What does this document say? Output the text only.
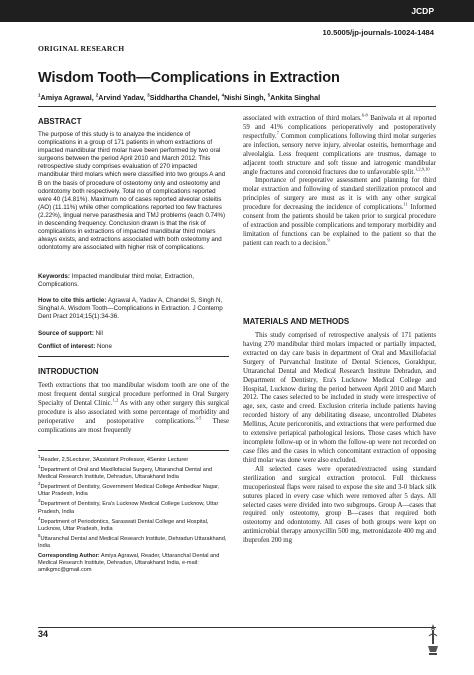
JCDP
10.5005/jp-journals-10024-1484
ORIGINAL RESEARCH
Wisdom Tooth—Complications in Extraction
$^1$Amiya Agrawal, $^2$Arvind Yadav, $^3$Siddhartha Chandel, $^4$Nishi Singh, $^5$Ankita Singhal
ABSTRACT
The purpose of this study is to analyze the incidence of complications in a group of 171 patients in whom extractions of impacted mandibular third molar have been performed by two oral surgeons between the period April 2010 and March 2012. This retrospective study comprises evaluation of 270 impacted mandibular third molars which were classified into two groups A and B on the basis of procedure of osteotomy only and osteotomy and odontotomy both respectively. Total no of complications reported were 40 (14.81%). Maximum no of cases reported alveolar osteitis (AO) (11.11%) while other complications reported too few fractures (2.22%), lingual nerve parasthesia and TMJ problems (each 0.74%) in descending frequency. Conclusion drawn is that the risk of complications in extractions of impacted mandibular third molars always exists, and extractions associated with both osteotomy and odontotomy are associated with higher risk of complications.
Keywords: Impacted mandibular third molar, Extraction, Complications.
How to cite this article: Agrawal A, Yadav A, Chandel S, Singh N, Singhal A. Wisdom Tooth—Complications in Extraction. J Contemp Dent Pract 2014;15(1):34-36.
Source of support: Nil
Conflict of interest: None
INTRODUCTION
Teeth extractions that too mandibular wisdom tooth are one of the most frequent dental surgical procedure performed in Oral Surgery Specialty of Dental Clinic.$^{1,2}$ As with any other surgery this surgical procedure is also associated with some percentage of morbidity and perioperative and postoperative complications.$^{3-5}$ These complications are most frequently
$^1$Reader, 2,5Lecturer, 3Assistant Professor, 4Senior Lecturer
$^1$Department of Oral and Maxillofacial Surgery, Uttaranchal Dental and Medical Research Institute, Dehradun, Uttarakhand India
$^2$Department of Dentistry, Government Medical College Ambedkar Nagar, Uttar Pradesh, India
$^3$Department of Dentistry, Era's Lucknow Medical College Lucknow, Uttar Pradesh, India
$^4$Department of Periodontics, Saraswati Dental College and Hospital, Lucknow, Uttar Pradesh, India
$^5$Uttaranchal Dental and Medical Research Institute, Dehradun Uttarakhand, India
Corresponding Author: Amiya Agrawal, Reader, Uttaranchal Dental and Medical Research Institute, Dehradun, Uttarakhand India, e-mail: amikgmc@gmail.com

associated with extraction of third molars.$^{6-8}$ Baniwala et al reported 59 and 41% complications perioperatively and postoperatively respectfully.$^7$ Common complications following third molar surgeries are infection, sensory nerve injury, alveolar osteitis, hemorrhage and alveolalgia. Less frequent complications are trusmus, damage to adjacent tooth structure and soft tissue and iatrogenic mandibular angle fractures and coronoid fractures due to unfavorable split.$^{1,2,9,10}$

Importance of preoperative assessment and planning for third molar extraction and following of standard sterilization protocol and principles of surgery are must as it is with any other surgical procedure for decreasing the incidence of complications.$^{11}$ Informed consent from the patients should be taken prior to surgical procedure of extraction and possible complications and temporary morbidity and limitation of functions can be explained to the patient so that the patient can reach to a decision.$^9$

MATERIALS AND METHODS

This study comprised of retrospective analysis of 171 patients having 270 mandibular third molars impacted or partially impacted, extracted on day care basis in department of Oral and Maxillofacial Surgery of Purvanchal Institute of Dental Sciences, Gorakhpur, Uttaranchal Dental and Medical Research Institute Dehradun, and Department of Dentistry, Era's Lucknow Medical College and Hospital, Lucknow during the period between April 2010 and March 2012. The cases selected to be included in study were irrespective of age, sex, caste and creed. Exclusion criteria include patients having recorded history of any debilitating disease, uncontrolled Diabetes Mellitus, Acute pericoronitis, and extractions that were performed due to extensive periapical pathological lesions. Those cases which have incomplete follow-up or in whom the follow-up were not recorded on case files and the cases in which concomitant extraction of opposing third molar was done were also excluded.

All selected cases were operated/extracted using standard sterilization and surgical extraction protocol. Full thickness mucoperiosteal flaps were raised to expose the site and 3-0 black silk sutures placed in every case which were removed after 5 days. All selected cases were divided into two subgroups. Group A—cases that required only osteotomy, group B—cases that required both osteotomy and odontotomy. All cases of both groups were kept on antimicrobial therapy amoxycillin 500 mg, metronidazole 400 mg and ibuprofen 200 mg

34
